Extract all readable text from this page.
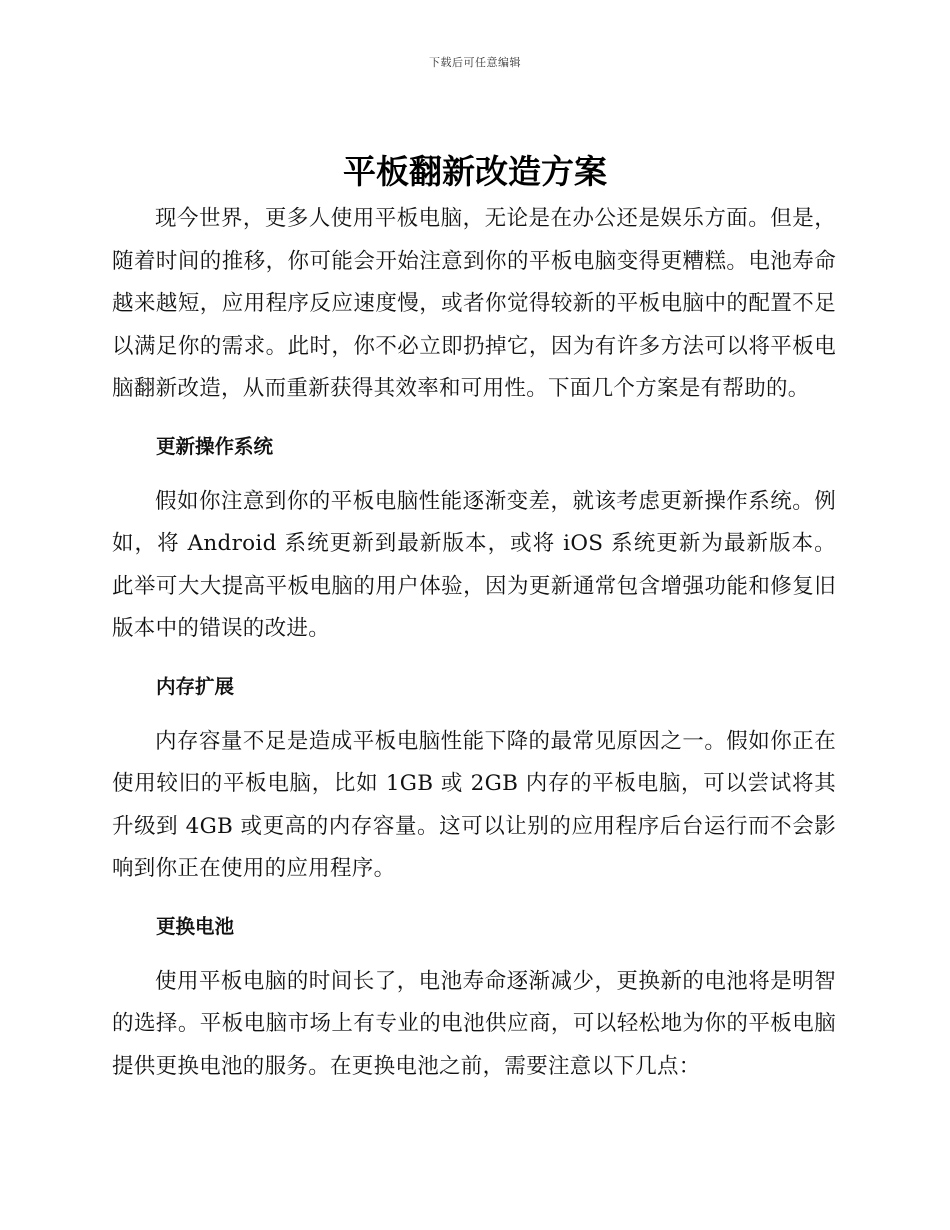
下载后可任意编辑
平板翻新改造方案

现今世界，更多人使用平板电脑，无论是在办公还是娱乐方面。但是，随着时间的推移，你可能会开始注意到你的平板电脑变得更糟糕。电池寿命越来越短，应用程序反应速度慢，或者你觉得较新的平板电脑中的配置不足以满足你的需求。此时，你不必立即扔掉它，因为有许多方法可以将平板电脑翻新改造，从而重新获得其效率和可用性。下面几个方案是有帮助的。

更新操作系统

假如你注意到你的平板电脑性能逐渐变差，就该考虑更新操作系统。例如，将 Android 系统更新到最新版本，或将 iOS 系统更新为最新版本。此举可大大提高平板电脑的用户体验，因为更新通常包含增强功能和修复旧版本中的错误的改进。

内存扩展

内存容量不足是造成平板电脑性能下降的最常见原因之一。假如你正在使用较旧的平板电脑，比如 1GB 或 2GB 内存的平板电脑，可以尝试将其升级到 4GB 或更高的内存容量。这可以让别的应用程序后台运行而不会影响到你正在使用的应用程序。

更换电池

使用平板电脑的时间长了，电池寿命逐渐减少，更换新的电池将是明智的选择。平板电脑市场上有专业的电池供应商，可以轻松地为你的平板电脑提供更换电池的服务。在更换电池之前，需要注意以下几点：
